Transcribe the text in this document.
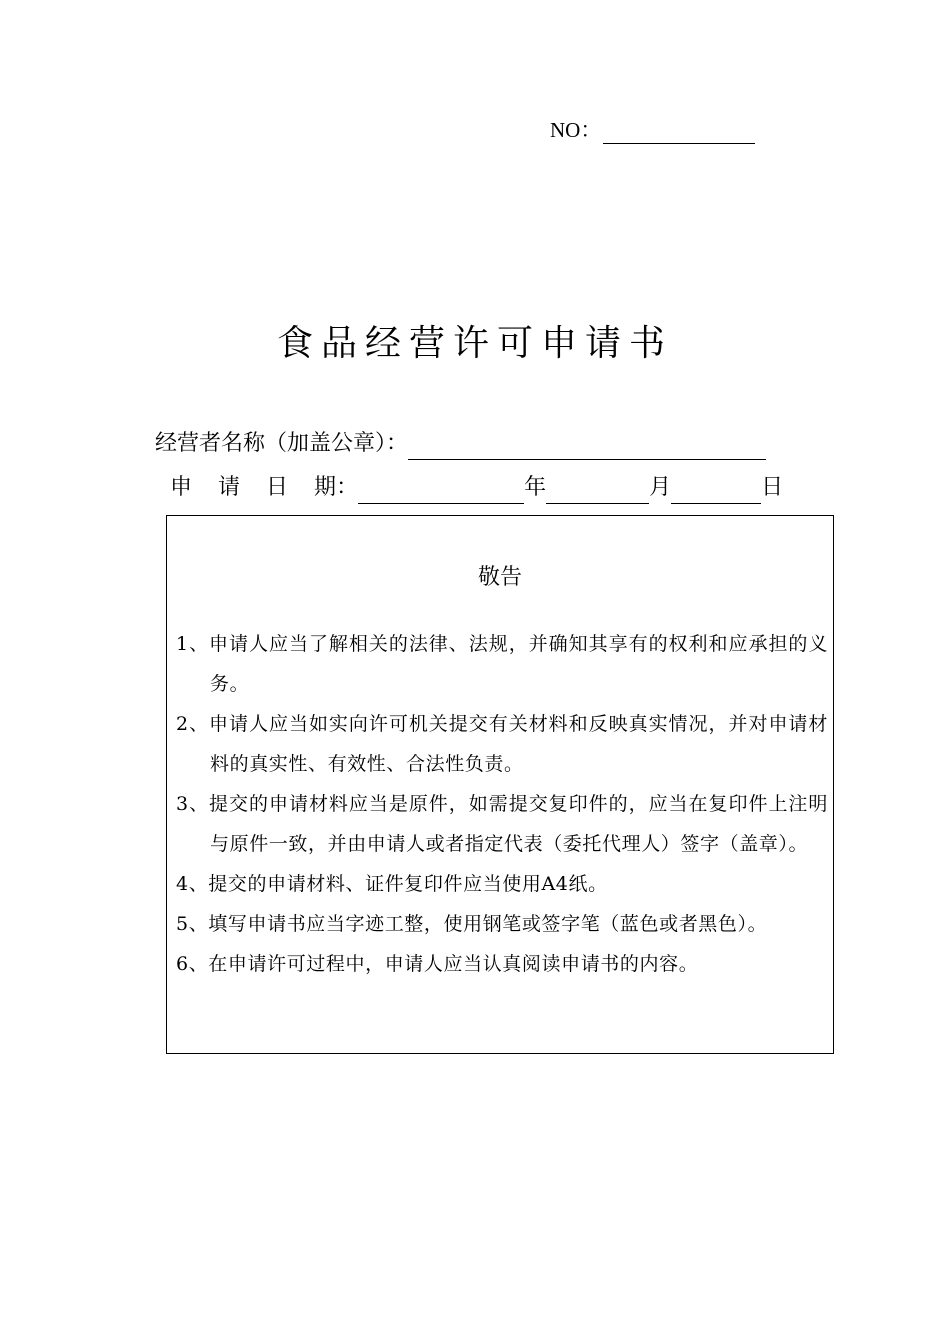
NO：
食品经营许可申请书
经营者名称（加盖公章）：
申 请 日 期：	年	月	日
敬告
1、申请人应当了解相关的法律、法规，并确知其享有的权利和应承担的义务。
2、申请人应当如实向许可机关提交有关材料和反映真实情况，并对申请材料的真实性、有效性、合法性负责。
3、提交的申请材料应当是原件，如需提交复印件的，应当在复印件上注明与原件一致，并由申请人或者指定代表（委托代理人）签字（盖章）。
4、提交的申请材料、证件复印件应当使用A4纸。
5、填写申请书应当字迹工整，使用钢笔或签字笔（蓝色或者黑色）。
6、在申请许可过程中，申请人应当认真阅读申请书的内容。
